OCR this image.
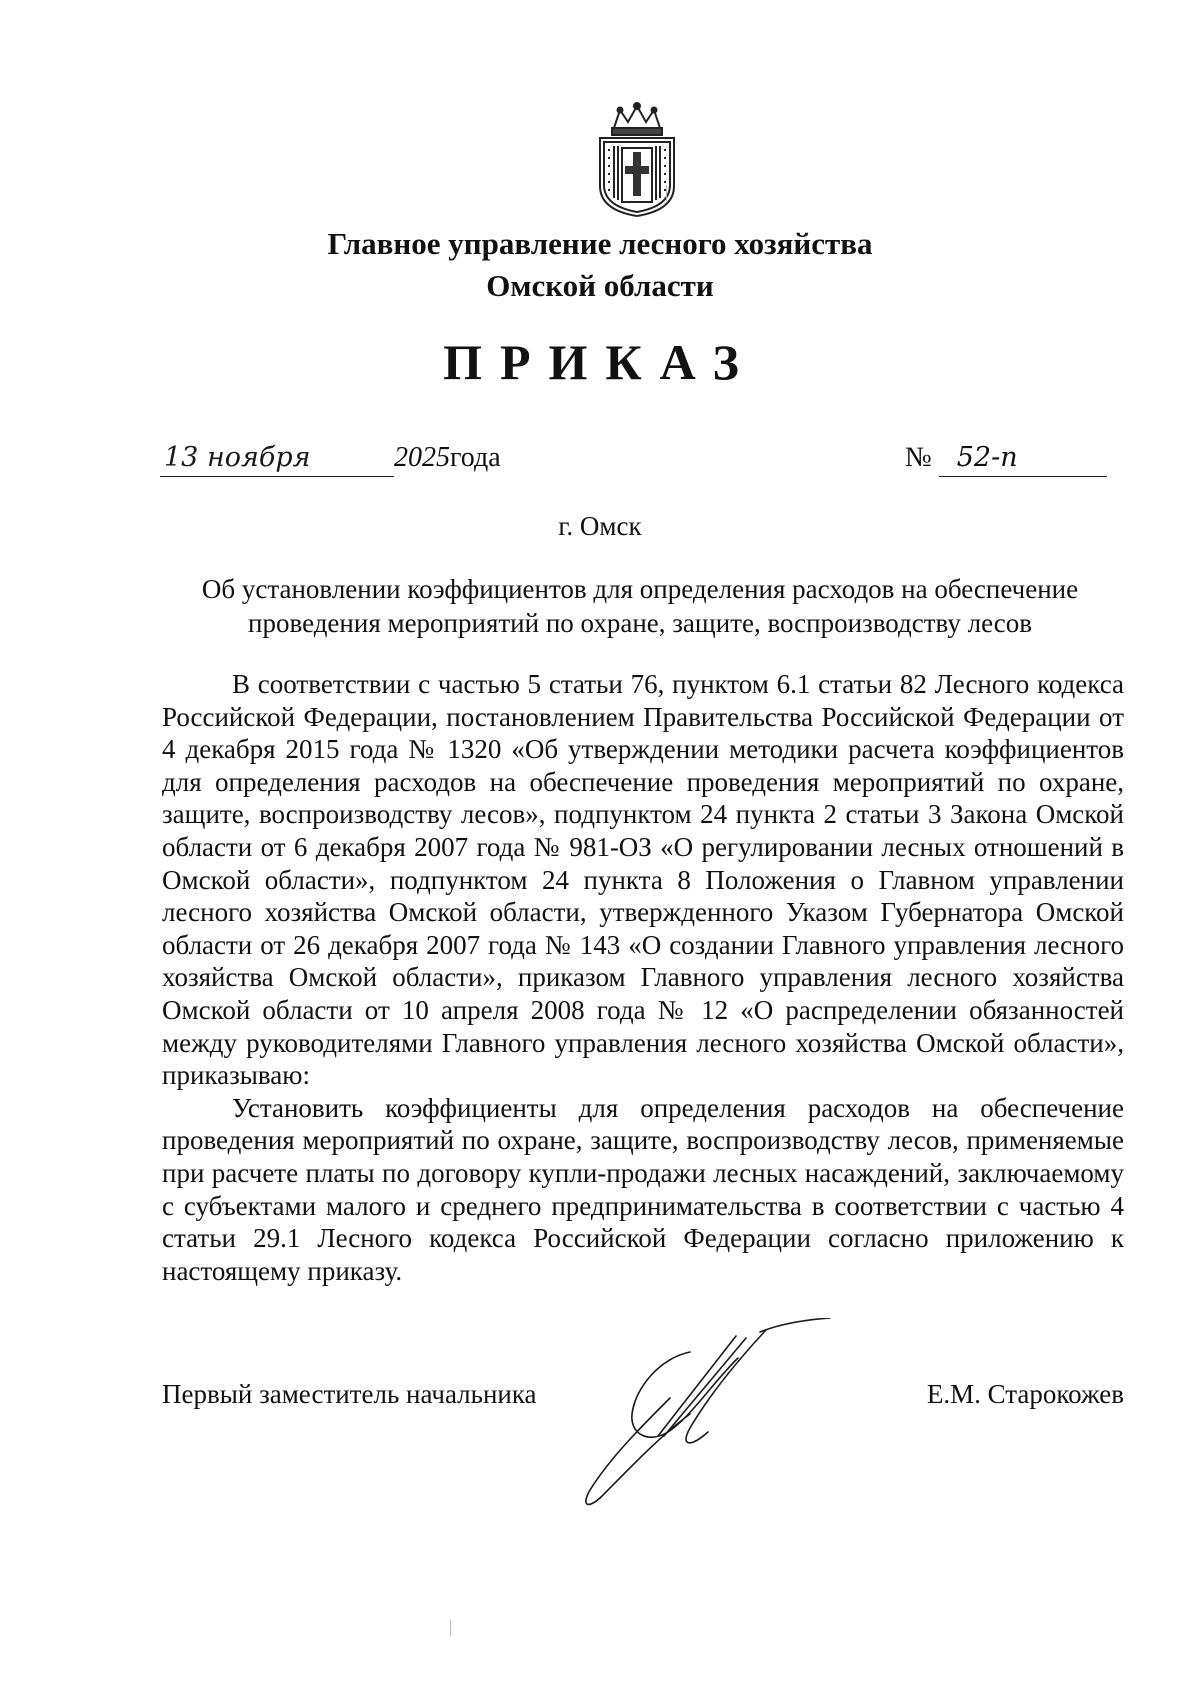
Главное управление лесного хозяйства
Омской области
ПРИКАЗ
13 ноября	2025года	№ 52-п
г. Омск
Об установлении коэффициентов для определения расходов на обеспечение
проведения мероприятий по охране, защите, воспроизводству лесов

В соответствии с частью 5 статьи 76, пунктом 6.1 статьи 82 Лесного кодекса Российской Федерации, постановлением Правительства Российской Федерации от 4 декабря 2015 года № 1320 «Об утверждении методики расчета коэффициентов для определения расходов на обеспечение проведения мероприятий по охране, защите, воспроизводству лесов», подпунктом 24 пункта 2 статьи 3 Закона Омской области от 6 декабря 2007 года № 981-ОЗ «О регулировании лесных отношений в Омской области», подпунктом 24 пункта 8 Положения о Главном управлении лесного хозяйства Омской области, утвержденного Указом Губернатора Омской области от 26 декабря 2007 года № 143 «О создании Главного управления лесного хозяйства Омской области», приказом Главного управления лесного хозяйства Омской области от 10 апреля 2008 года № 12 «О распределении обязанностей между руководителями Главного управления лесного хозяйства Омской области», приказываю:

Установить коэффициенты для определения расходов на обеспечение проведения мероприятий по охране, защите, воспроизводству лесов, применяемые при расчете платы по договору купли-продажи лесных насаждений, заключаемому с субъектами малого и среднего предпринимательства в соответствии с частью 4 статьи 29.1 Лесного кодекса Российской Федерации согласно приложению к настоящему приказу.

Первый заместитель начальника	Е.М. Старокожев
